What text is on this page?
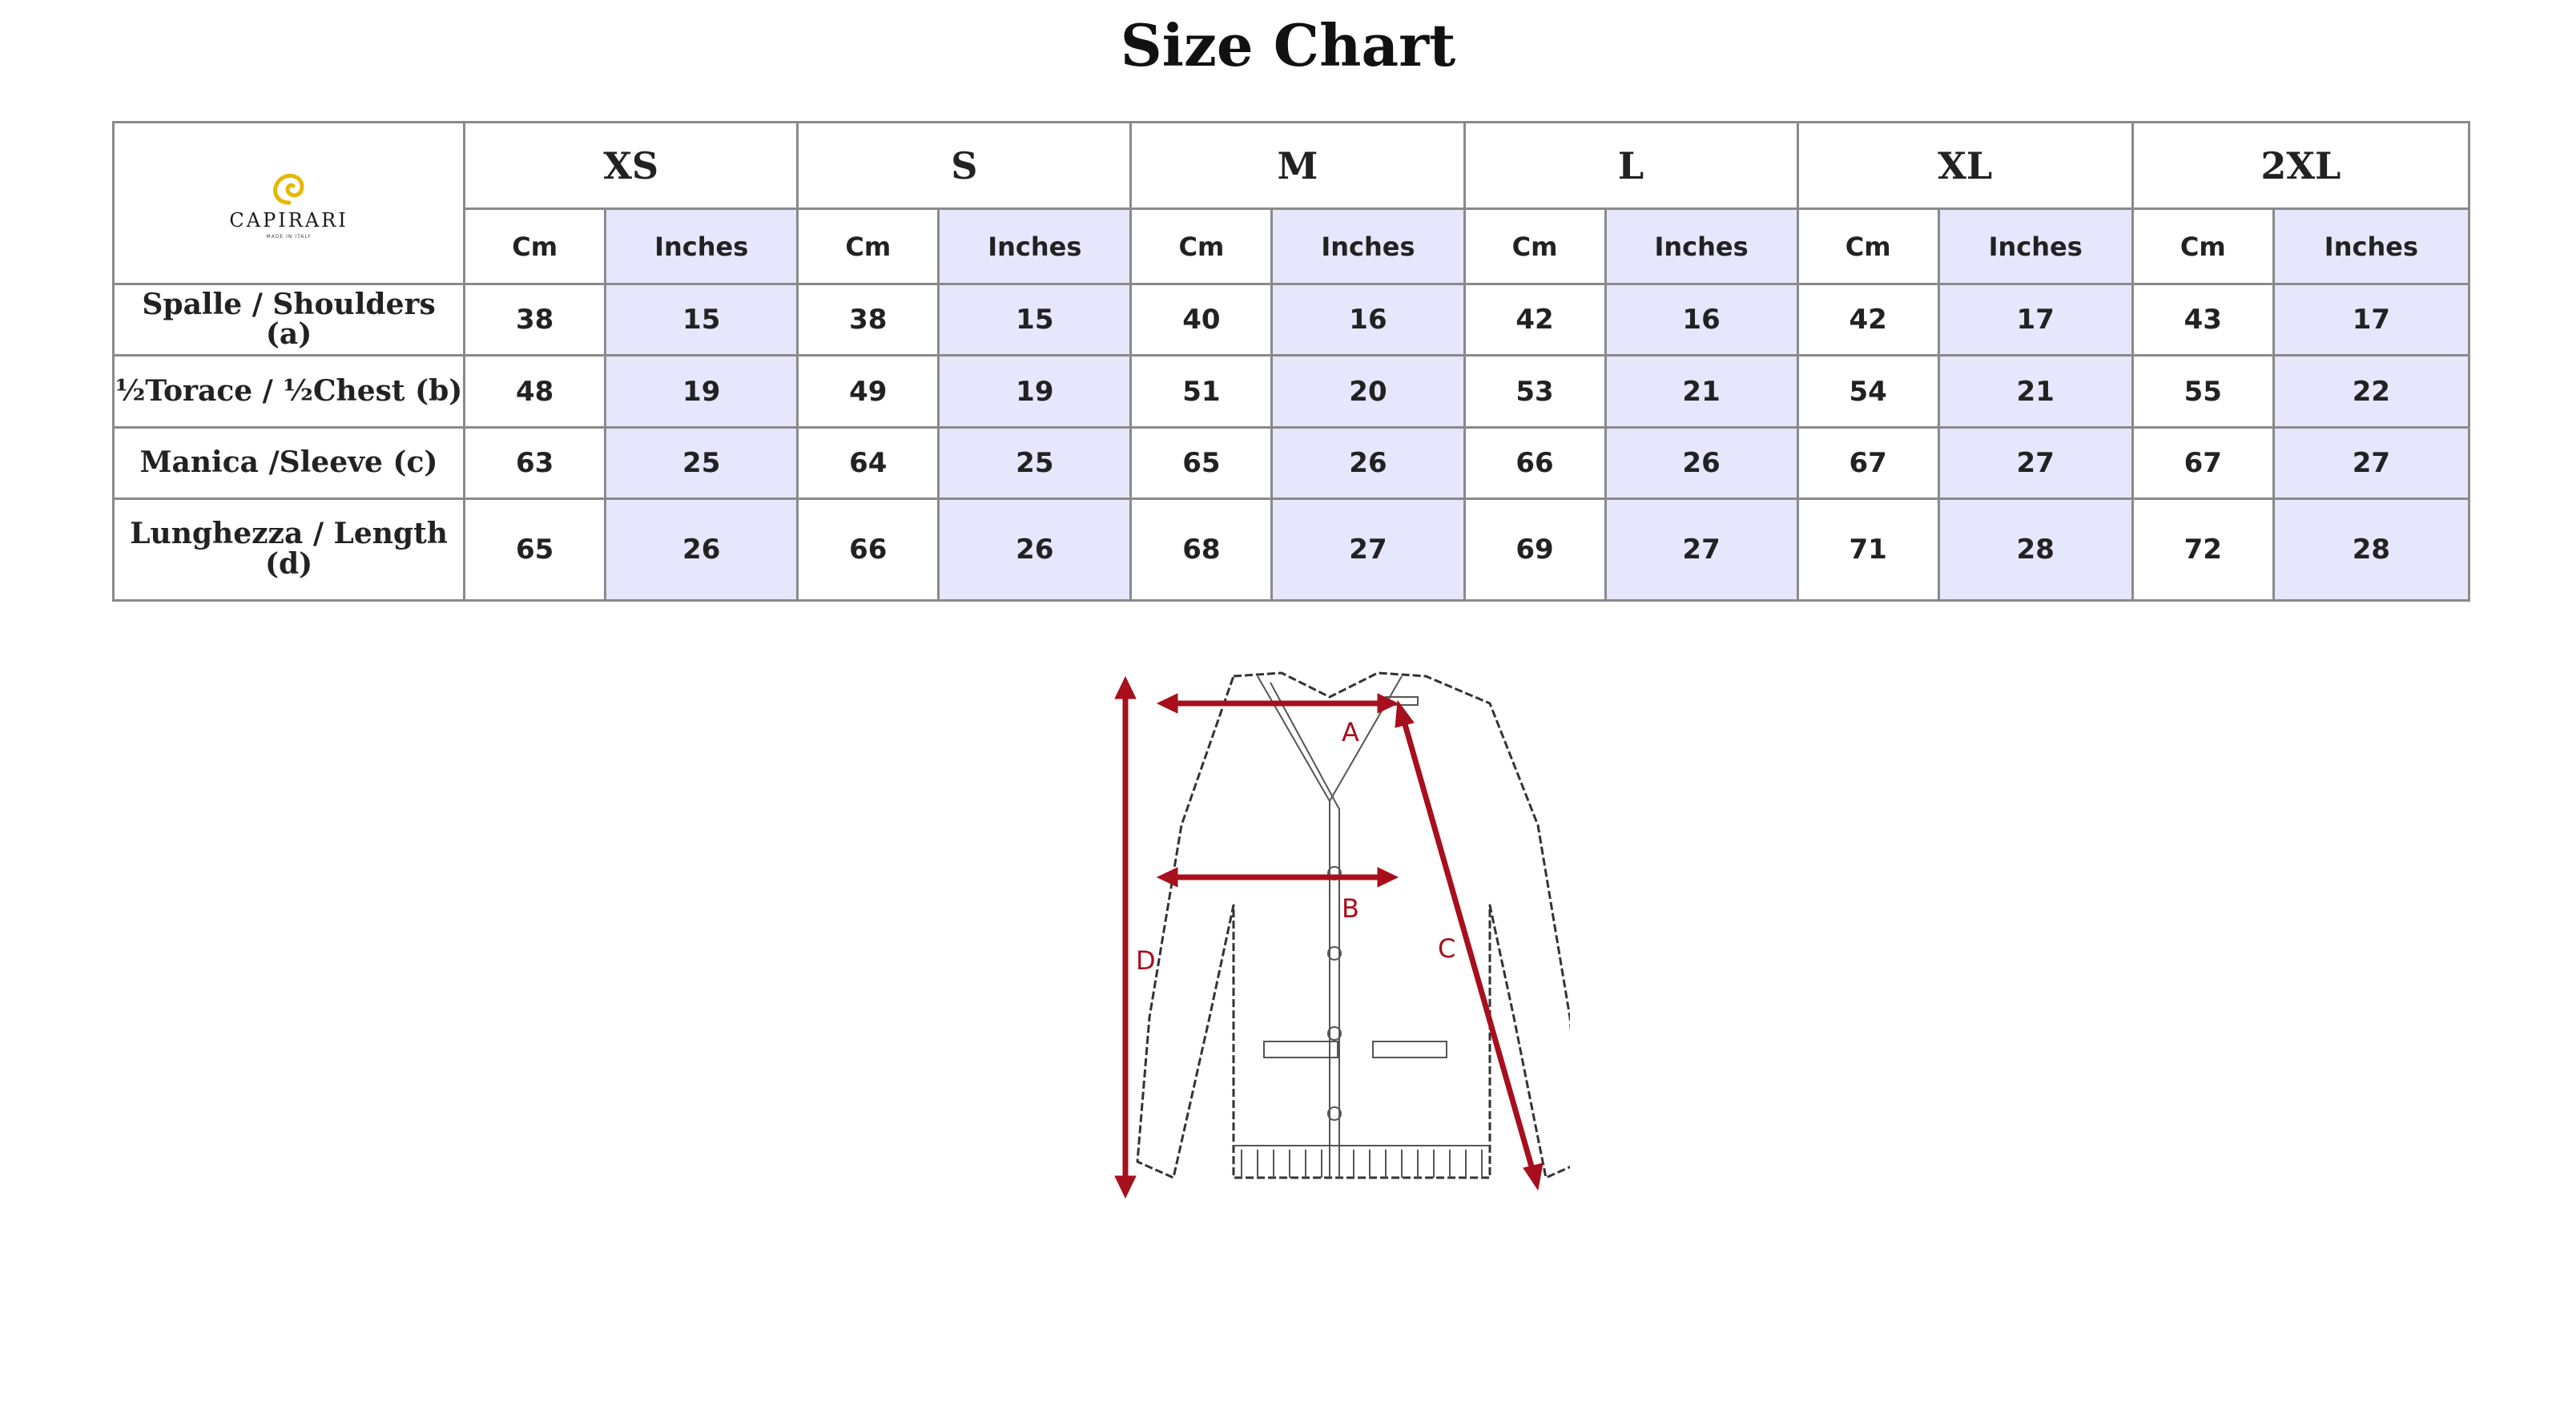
Size Chart
CAPIRARI
MADE IN ITALY	XS		S		M		L		XL		2XL	
	Cm	Inches	Cm	Inches	Cm	Inches	Cm	Inches	Cm	Inches	Cm	Inches
Spalle / Shoulders (a)	38	15	38	15	40	16	42	16	42	17	43	17
½Torace / ½Chest (b)	48	19	49	19	51	20	53	21	54	21	55	22
Manica /Sleeve (c)	63	25	64	25	65	26	66	26	67	27	67	27
Lunghezza / Length (d)	65	26	66	26	68	27	69	27	71	28	72	28
A
B
C
D
